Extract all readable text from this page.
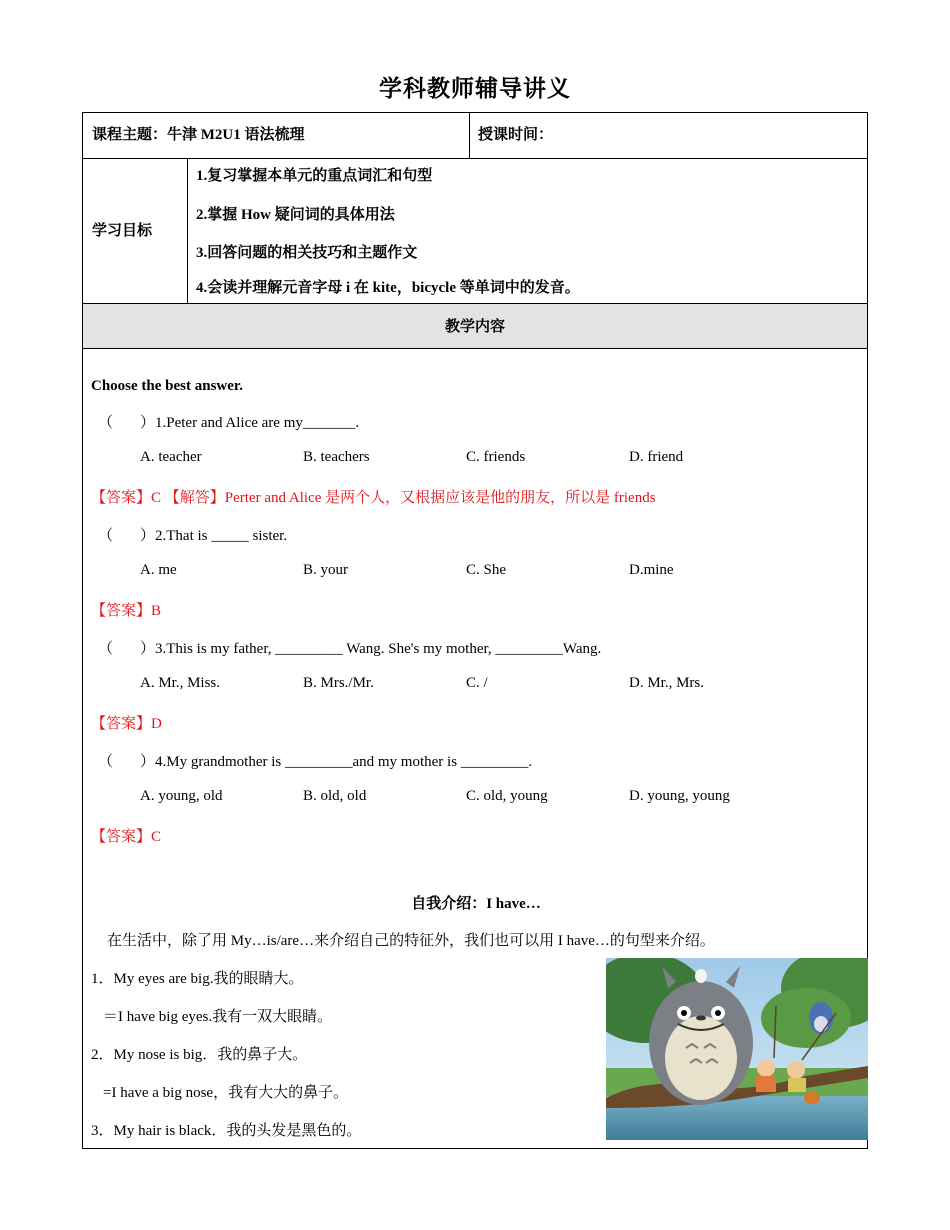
学科教师辅导讲义
课程主题：牛津 M2U1 语法梳理	授课时间：
学习目标
1.复习掌握本单元的重点词汇和句型
2.掌握 How 疑问词的具体用法
3.回答问题的相关技巧和主题作文
4.会读并理解元音字母 i 在 kite，bicycle 等单词中的发音。
教学内容
Choose the best answer.
（ ）1.Peter and Alice are my_______.
A. teacher	B. teachers	C. friends	D. friend
【答案】C 【解答】Perter and Alice 是两个人，又根据应该是他的朋友，所以是 friends
（ ）2.That is _____ sister.
A. me	B. your	C. She	D.mine
【答案】B
（ ）3.This is my father, _________ Wang. She's my mother, _________Wang.
A. Mr., Miss.	B. Mrs./Mr.	C. /	D. Mr., Mrs.
【答案】D
（ ）4.My grandmother is _________and my mother is _________.
A. young, old	B. old, old	C. old, young	D. young, young
【答案】C
自我介绍：I have…
在生活中，除了用 My…is/are…来介绍自己的特征外，我们也可以用 I have…的句型来介绍。
1．My eyes are big.我的眼睛大。
＝I have big eyes.我有一双大眼睛。
2．My nose is big．我的鼻子大。
=I have a big nose，我有大大的鼻子。
3．My hair is black．我的头发是黑色的。
